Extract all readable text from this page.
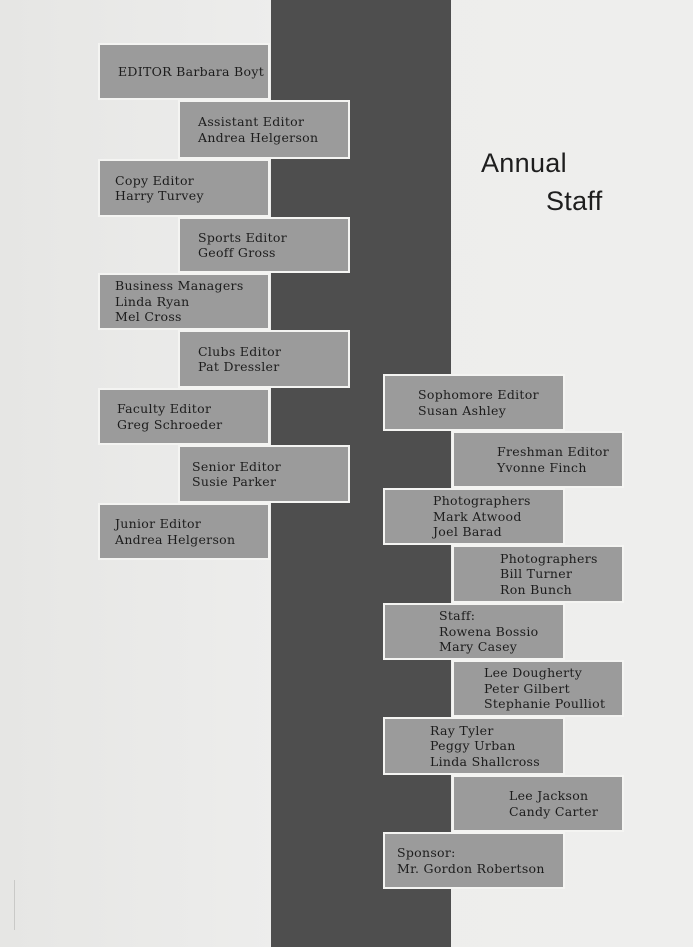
Annual
Staff
EDITOR Barbara Boyt
Assistant Editor
Andrea Helgerson
Copy Editor
Harry Turvey
Sports Editor
Geoff Gross
Business Managers
Linda Ryan
Mel Cross
Clubs Editor
Pat Dressler
Faculty Editor
Greg Schroeder
Senior Editor
Susie Parker
Junior Editor
Andrea Helgerson
Sophomore Editor
Susan Ashley
Freshman Editor
Yvonne Finch
Photographers
Mark Atwood
Joel Barad
Photographers
Bill Turner
Ron Bunch
Staff:
Rowena Bossio
Mary Casey
Lee Dougherty
Peter Gilbert
Stephanie Poulliot
Ray Tyler
Peggy Urban
Linda Shallcross
Lee Jackson
Candy Carter
Sponsor:
Mr. Gordon Robertson
